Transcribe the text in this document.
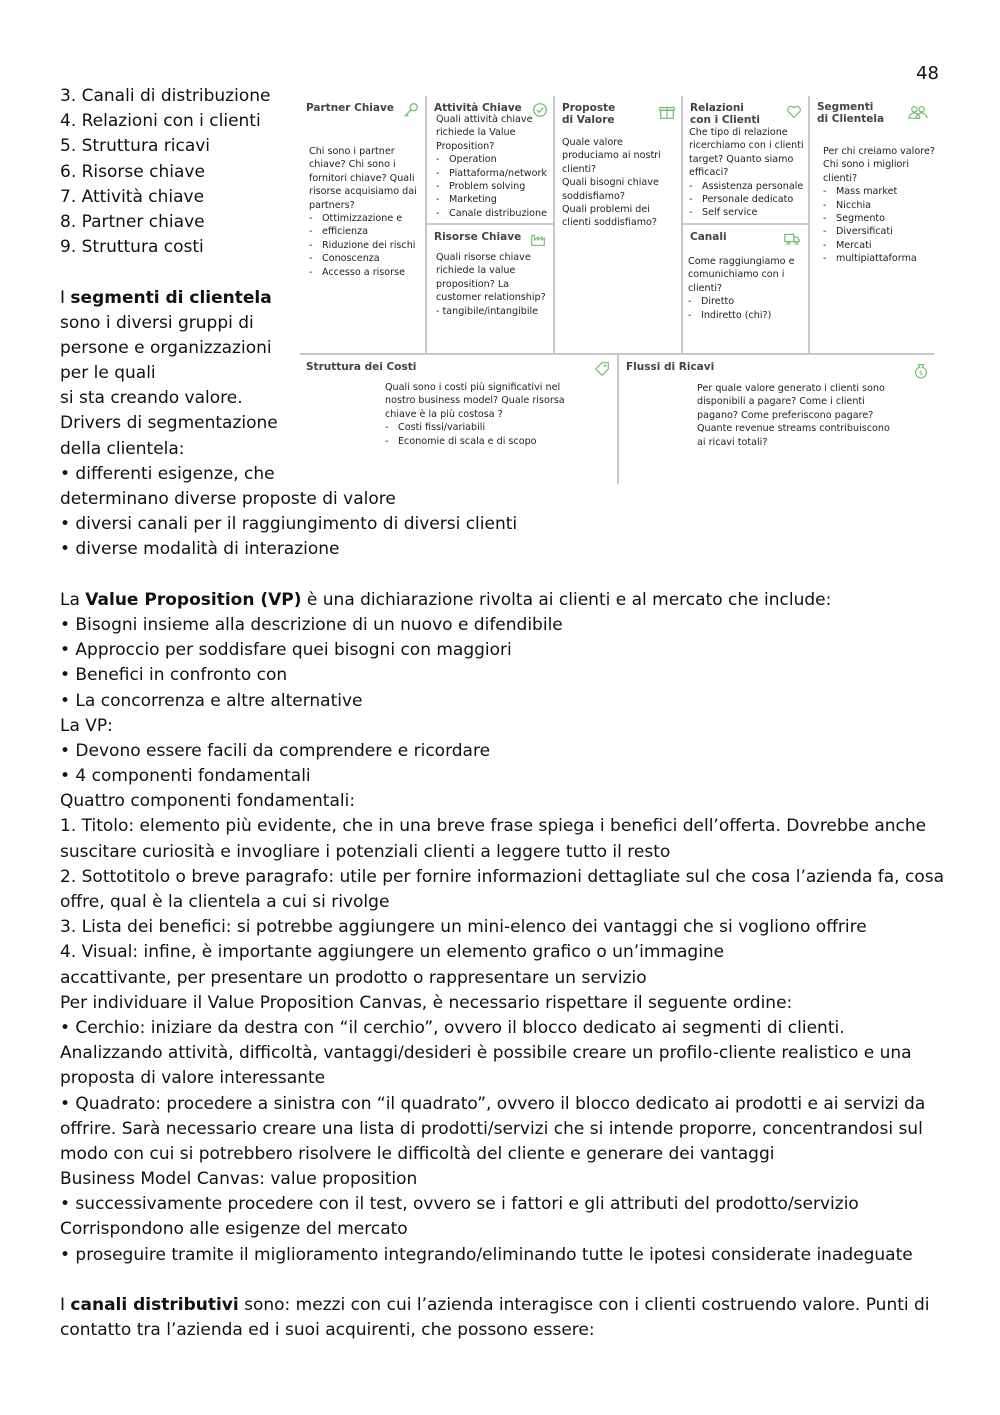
48
3. Canali di distribuzione
4. Relazioni con i clienti
5. Struttura ricavi
6. Risorse chiave
7. Attività chiave
8. Partner chiave
9. Struttura costi
I segmenti di clientela
sono i diversi gruppi di
persone e organizzazioni
per le quali
si sta creando valore.
Drivers di segmentazione
della clientela:
• differenti esigenze, che
determinano diverse proposte di valore
• diversi canali per il raggiungimento di diversi clienti
• diverse modalità di interazione
La Value Proposition (VP) è una dichiarazione rivolta ai clienti e al mercato che include:
• Bisogni insieme alla descrizione di un nuovo e difendibile
• Approccio per soddisfare quei bisogni con maggiori
• Benefici in confronto con
• La concorrenza e altre alternative
La VP:
• Devono essere facili da comprendere e ricordare
• 4 componenti fondamentali
Quattro componenti fondamentali:
1. Titolo: elemento più evidente, che in una breve frase spiega i benefici dell’offerta. Dovrebbe anche
suscitare curiosità e invogliare i potenziali clienti a leggere tutto il resto
2. Sottotitolo o breve paragrafo: utile per fornire informazioni dettagliate sul che cosa l’azienda fa, cosa
offre, qual è la clientela a cui si rivolge
3. Lista dei benefici: si potrebbe aggiungere un mini-elenco dei vantaggi che si vogliono offrire
4. Visual: infine, è importante aggiungere un elemento grafico o un’immagine
accattivante, per presentare un prodotto o rappresentare un servizio
Per individuare il Value Proposition Canvas, è necessario rispettare il seguente ordine:
• Cerchio: iniziare da destra con “il cerchio”, ovvero il blocco dedicato ai segmenti di clienti.
Analizzando attività, difficoltà, vantaggi/desideri è possibile creare un profilo-cliente realistico e una
proposta di valore interessante
• Quadrato: procedere a sinistra con “il quadrato”, ovvero il blocco dedicato ai prodotti e ai servizi da
offrire. Sarà necessario creare una lista di prodotti/servizi che si intende proporre, concentrandosi sul
modo con cui si potrebbero risolvere le difficoltà del cliente e generare dei vantaggi
Business Model Canvas: value proposition
• successivamente procedere con il test, ovvero se i fattori e gli attributi del prodotto/servizio
Corrispondono alle esigenze del mercato
• proseguire tramite il miglioramento integrando/eliminando tutte le ipotesi considerate inadeguate
I canali distributivi sono: mezzi con cui l’azienda interagisce con i clienti costruendo valore. Punti di
contatto tra l’azienda ed i suoi acquirenti, che possono essere:
Partner Chiave
Chi sono i partner
chiave? Chi sono i
fornitori chiave? Quali
risorse acquisiamo dai
partners?
- Ottimizzazione e
- efficienza
- Riduzione dei rischi
- Conoscenza
- Accesso a risorse
Attività Chiave
Quali attività chiave
richiede la Value
Proposition?
- Operation
- Piattaforma/network
- Problem solving
- Marketing
- Canale distribuzione
Risorse Chiave
Quali risorse chiave
richiede la value
proposition? La
customer relationship?
- tangibile/intangibile
Proposte
di Valore
Quale valore
produciamo ai nostri
clienti?
Quali bisogni chiave
soddisfiamo?
Quali problemi dei
clienti soddisfiamo?
Relazioni
con i Clienti
Che tipo di relazione
ricerchiamo con i clienti
target? Quanto siamo
efficaci?
- Assistenza personale
- Personale dedicato
- Self service
Canali
Come raggiungiamo e
comunichiamo con i
clienti?
- Diretto
- Indiretto (chi?)
Segmenti
di Clientela
Per chi creiamo valore?
Chi sono i migliori
clienti?
- Mass market
- Nicchia
- Segmento
- Diversificati
- Mercati
- multipiattaforma
Struttura dei Costi
Quali sono i costi più significativi nel
nostro business model? Quale risorsa
chiave è la più costosa ?
- Costi fissi/variabili
- Economie di scala e di scopo
Flussi di Ricavi
$
Per quale valore generato i clienti sono
disponibili a pagare? Come i clienti
pagano? Come preferiscono pagare?
Quante revenue streams contribuiscono
ai ricavi totali?
